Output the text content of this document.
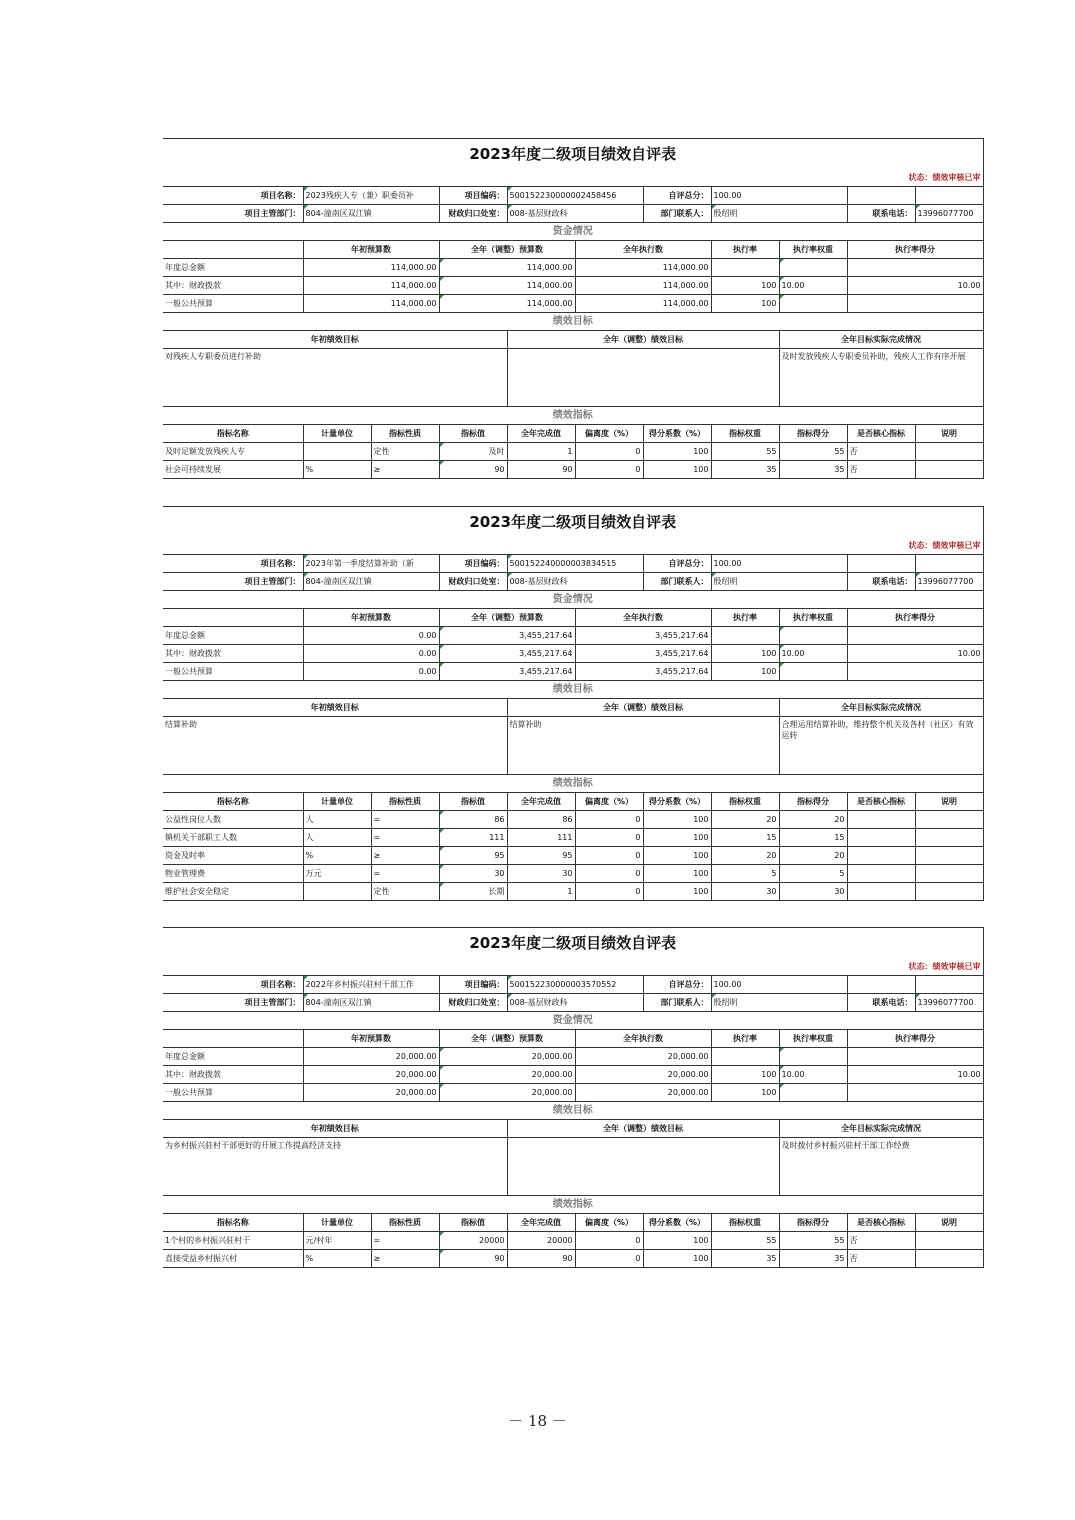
2023年度二级项目绩效自评表										
状态：绩效审核已审										
项目名称：	2023残疾人专（兼）职委员补		项目编码：	500152230000002458456		自评总分：	100.00			
项目主管部门：	804-潼南区双江镇		财政归口处室：	008-基层财政科		部门联系人：	殷绍明		联系电话：	13996077700
资金情况										
	年初预算数		全年（调整）预算数		全年执行数		执行率	执行率权重	执行率得分	
年度总金额	114,000.00		114,000.00		114,000.00					
其中：财政拨款	114,000.00		114,000.00		114,000.00		100	10.00	10.00	
一般公共预算	114,000.00		114,000.00		114,000.00		100			
绩效目标										
年初绩效目标				全年（调整）绩效目标				全年目标实际完成情况		
对残疾人专职委员进行补助								及时发放残疾人专职委员补助，残疾人工作有序开展		
绩效指标										
指标名称	计量单位	指标性质	指标值	全年完成值	偏离度（%）	得分系数（%）	指标权重	指标得分	是否核心指标	说明
及时足额发放残疾人专		定性	及时	1	0	100	55	55	否	
社会可持续发展	%	≥	90	90	0	100	35	35	否	
2023年度二级项目绩效自评表										
状态：绩效审核已审										
项目名称：	2023年第一季度结算补助（新		项目编码：	500152240000003834515		自评总分：	100.00			
项目主管部门：	804-潼南区双江镇		财政归口处室：	008-基层财政科		部门联系人：	殷绍明		联系电话：	13996077700
资金情况										
	年初预算数		全年（调整）预算数		全年执行数		执行率	执行率权重	执行率得分	
年度总金额	0.00		3,455,217.64		3,455,217.64					
其中：财政拨款	0.00		3,455,217.64		3,455,217.64		100	10.00	10.00	
一般公共预算	0.00		3,455,217.64		3,455,217.64		100			
绩效目标										
年初绩效目标				全年（调整）绩效目标				全年目标实际完成情况		
结算补助				结算补助				合理运用结算补助，维持整个机关及各村（社区）有效运转		
绩效指标										
指标名称	计量单位	指标性质	指标值	全年完成值	偏离度（%）	得分系数（%）	指标权重	指标得分	是否核心指标	说明
公益性岗位人数	人	=	86	86	0	100	20	20		
镇机关干部职工人数	人	=	111	111	0	100	15	15		
资金及时率	%	≥	95	95	0	100	20	20		
物业管理费	万元	=	30	30	0	100	5	5		
维护社会安全稳定		定性	长期	1	0	100	30	30		
2023年度二级项目绩效自评表										
状态：绩效审核已审										
项目名称：	2022年乡村振兴驻村干部工作		项目编码：	500152230000003570552		自评总分：	100.00			
项目主管部门：	804-潼南区双江镇		财政归口处室：	008-基层财政科		部门联系人：	殷绍明		联系电话：	13996077700
资金情况										
	年初预算数		全年（调整）预算数		全年执行数		执行率	执行率权重	执行率得分	
年度总金额	20,000.00		20,000.00		20,000.00					
其中：财政拨款	20,000.00		20,000.00		20,000.00		100	10.00	10.00	
一般公共预算	20,000.00		20,000.00		20,000.00		100			
绩效目标										
年初绩效目标				全年（调整）绩效目标				全年目标实际完成情况		
为乡村振兴驻村干部更好的开展工作提高经济支持								及时拨付乡村振兴驻村干部工作经费		
绩效指标										
指标名称	计量单位	指标性质	指标值	全年完成值	偏离度（%）	得分系数（%）	指标权重	指标得分	是否核心指标	说明
1个村的乡村振兴驻村干	元/村年	=	20000	20000	0	100	55	55	否	
直接受益乡村振兴村	%	≥	90	90	0	100	35	35	否	
－ 18 －
